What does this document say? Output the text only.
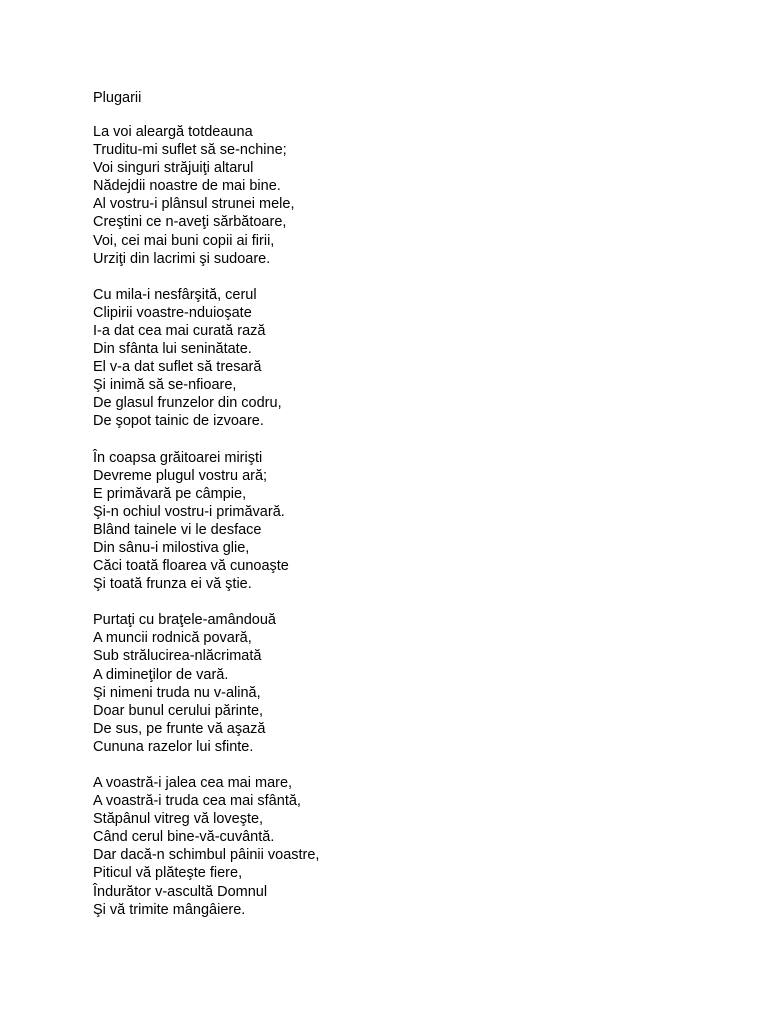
Plugarii
La voi aleargă totdeauna
Truditu-mi suflet să se-nchine;
Voi singuri străjuiţi altarul
Nădejdii noastre de mai bine.
Al vostru-i plânsul strunei mele,
Creştini ce n-aveţi sărbătoare,
Voi, cei mai buni copii ai firii,
Urziţi din lacrimi şi sudoare.
Cu mila-i nesfârşită, cerul
Clipirii voastre-nduioşate
I-a dat cea mai curată rază
Din sfânta lui seninătate.
El v-a dat suflet să tresară
Şi inimă să se-nfioare,
De glasul frunzelor din codru,
De şopot tainic de izvoare.
În coapsa grăitoarei mirişti
Devreme plugul vostru ară;
E primăvară pe câmpie,
Şi-n ochiul vostru-i primăvară.
Blând tainele vi le desface
Din sânu-i milostiva glie,
Căci toată floarea vă cunoaşte
Şi toată frunza ei vă ştie.
Purtaţi cu braţele-amândouă
A muncii rodnică povară,
Sub strălucirea-nlăcrimată
A dimineţilor de vară.
Şi nimeni truda nu v-alină,
Doar bunul cerului părinte,
De sus, pe frunte vă aşază
Cununa razelor lui sfinte.
A voastră-i jalea cea mai mare,
A voastră-i truda cea mai sfântă,
Stăpânul vitreg vă loveşte,
Când cerul bine-vă-cuvântă.
Dar dacă-n schimbul pâinii voastre,
Piticul vă plăteşte fiere,
Îndurător v-ascultă Domnul
Şi vă trimite mângâiere.
